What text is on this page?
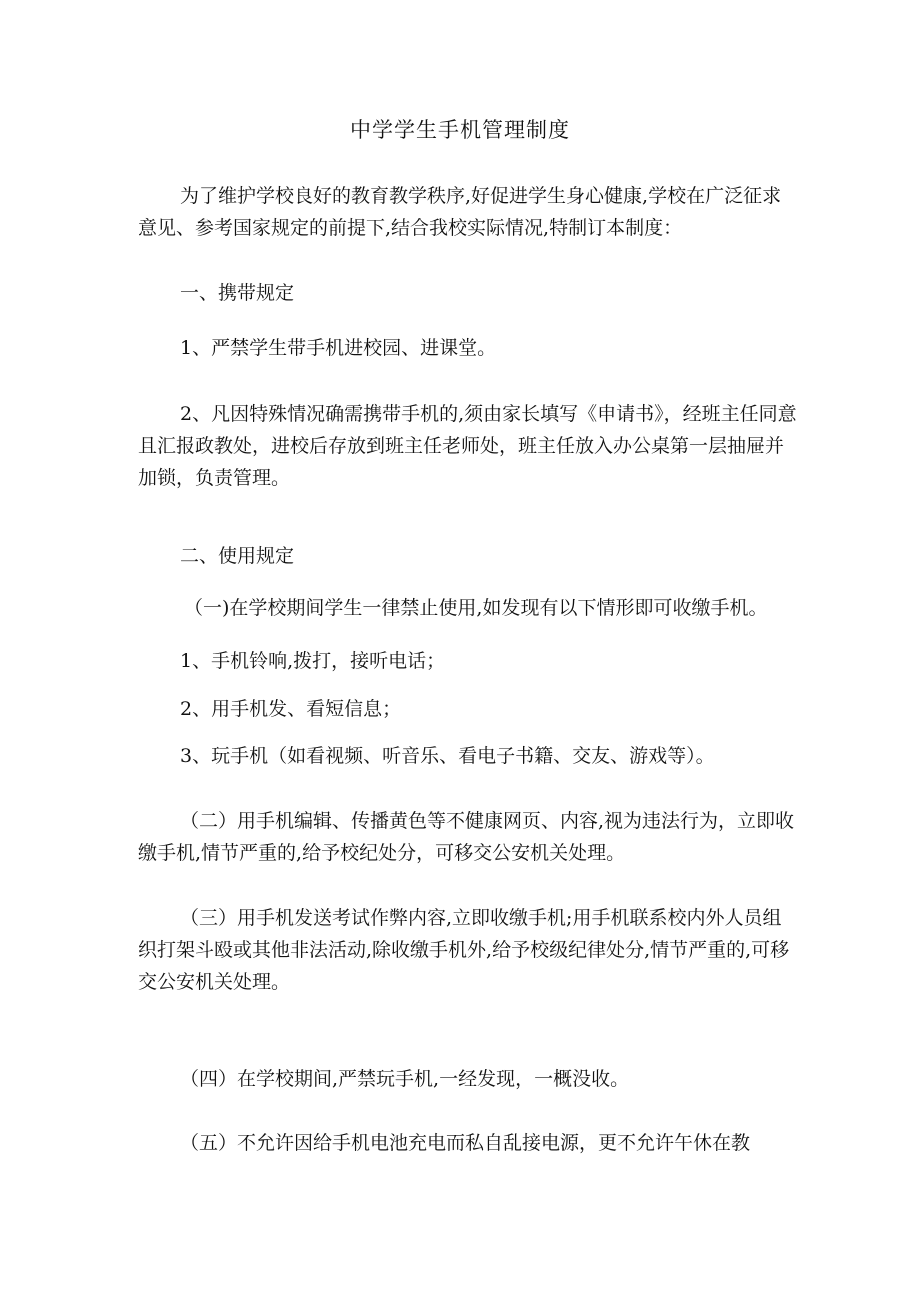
中学学生手机管理制度

为了维护学校良好的教育教学秩序,好促进学生身心健康,学校在广泛征求意见、参考国家规定的前提下,结合我校实际情况,特制订本制度：

一、携带规定

1、严禁学生带手机进校园、进课堂。

2、凡因特殊情况确需携带手机的,须由家长填写《申请书》，经班主任同意且汇报政教处，进校后存放到班主任老师处，班主任放入办公桌第一层抽屉并加锁，负责管理。

二、使用规定

（一)在学校期间学生一律禁止使用,如发现有以下情形即可收缴手机。

1、手机铃响,拨打，接听电话；

2、用手机发、看短信息；

3、玩手机（如看视频、听音乐、看电子书籍、交友、游戏等）。

（二）用手机编辑、传播黄色等不健康网页、内容,视为违法行为，立即收缴手机,情节严重的,给予校纪处分，可移交公安机关处理。

（三）用手机发送考试作弊内容,立即收缴手机;用手机联系校内外人员组织打架斗殴或其他非法活动,除收缴手机外,给予校级纪律处分,情节严重的,可移交公安机关处理。

（四）在学校期间,严禁玩手机,一经发现，一概没收。

（五）不允许因给手机电池充电而私自乱接电源，更不允许午休在教
